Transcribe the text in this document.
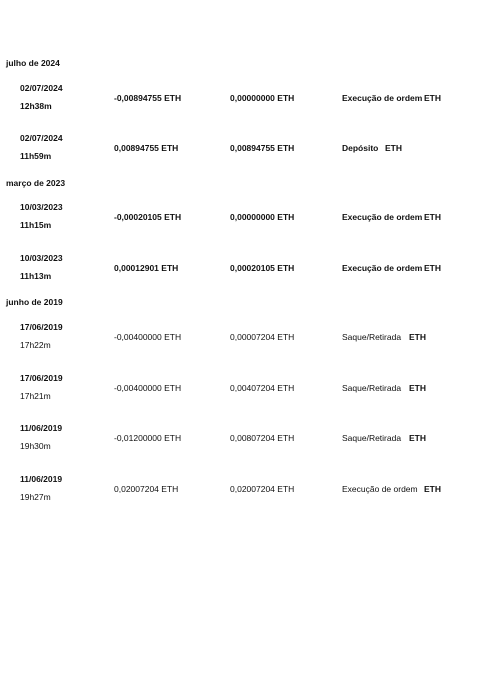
julho de 2024
02/07/2024
12h38m
-0,00894755 ETH	0,00000000 ETH	Execução de ordem ETH
02/07/2024
11h59m
0,00894755 ETH	0,00894755 ETH	Depósito ETH
março de 2023
10/03/2023
11h15m
-0,00020105 ETH	0,00000000 ETH	Execução de ordem ETH
10/03/2023
11h13m
0,00012901 ETH	0,00020105 ETH	Execução de ordem ETH
junho de 2019
17/06/2019
17h22m
-0,00400000 ETH	0,00007204 ETH	Saque/Retirada ETH
17/06/2019
17h21m
-0,00400000 ETH	0,00407204 ETH	Saque/Retirada ETH
11/06/2019
19h30m
-0,01200000 ETH	0,00807204 ETH	Saque/Retirada ETH
11/06/2019
19h27m
0,02007204 ETH	0,02007204 ETH	Execução de ordem ETH
